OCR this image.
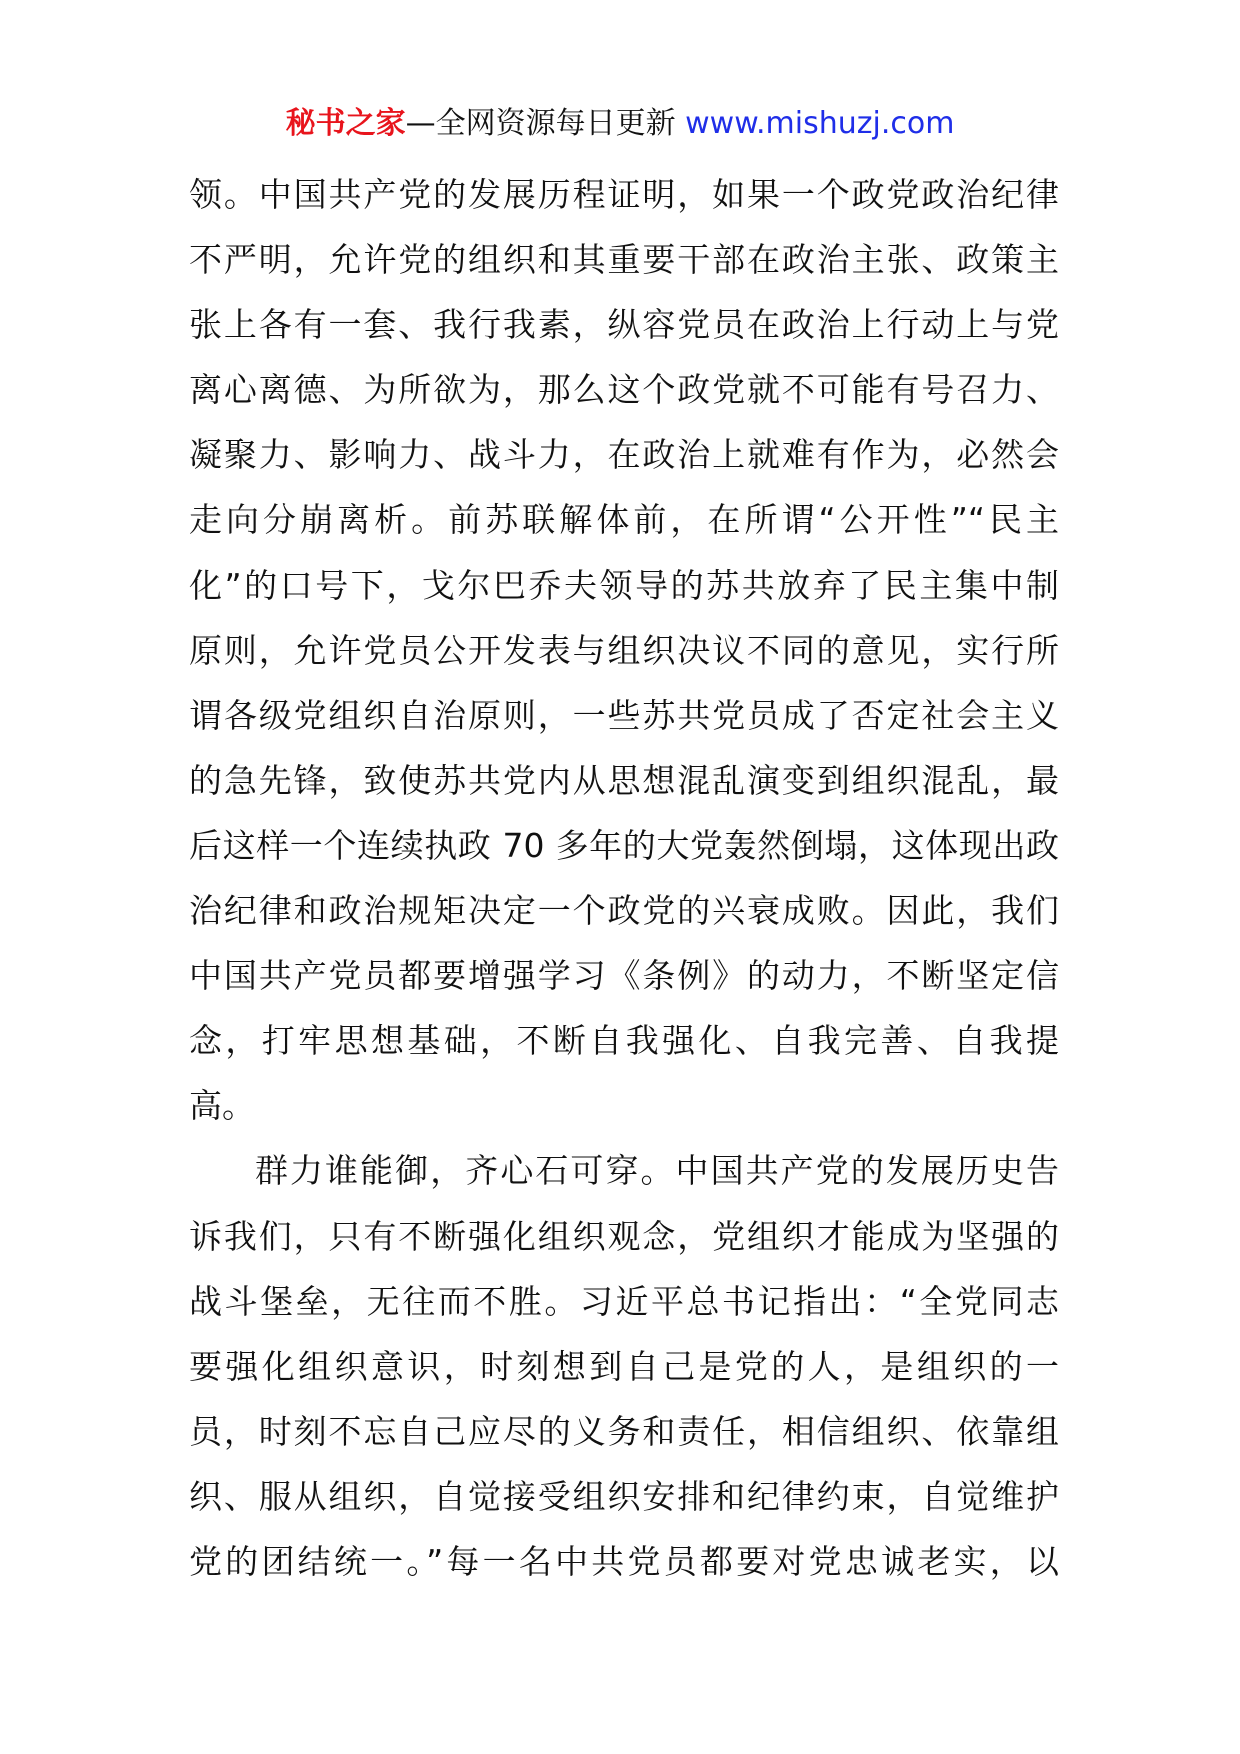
秘书之家—全网资源每日更新 www.mishuzj.com
领。中国共产党的发展历程证明，如果一个政党政治纪律
不严明，允许党的组织和其重要干部在政治主张、政策主
张上各有一套、我行我素，纵容党员在政治上行动上与党
离心离德、为所欲为，那么这个政党就不可能有号召力、
凝聚力、影响力、战斗力，在政治上就难有作为，必然会
走向分崩离析。前苏联解体前，在所谓“公开性”“民主
化”的口号下，戈尔巴乔夫领导的苏共放弃了民主集中制
原则，允许党员公开发表与组织决议不同的意见，实行所
谓各级党组织自治原则，一些苏共党员成了否定社会主义
的急先锋，致使苏共党内从思想混乱演变到组织混乱，最
后这样一个连续执政 70 多年的大党轰然倒塌，这体现出政
治纪律和政治规矩决定一个政党的兴衰成败。因此，我们
中国共产党员都要增强学习《条例》的动力，不断坚定信
念，打牢思想基础，不断自我强化、自我完善、自我提
高。
群力谁能御，齐心石可穿。中国共产党的发展历史告
诉我们，只有不断强化组织观念，党组织才能成为坚强的
战斗堡垒，无往而不胜。习近平总书记指出：“全党同志
要强化组织意识，时刻想到自己是党的人，是组织的一
员，时刻不忘自己应尽的义务和责任，相信组织、依靠组
织、服从组织，自觉接受组织安排和纪律约束，自觉维护
党的团结统一。”每一名中共党员都要对党忠诚老实，以
